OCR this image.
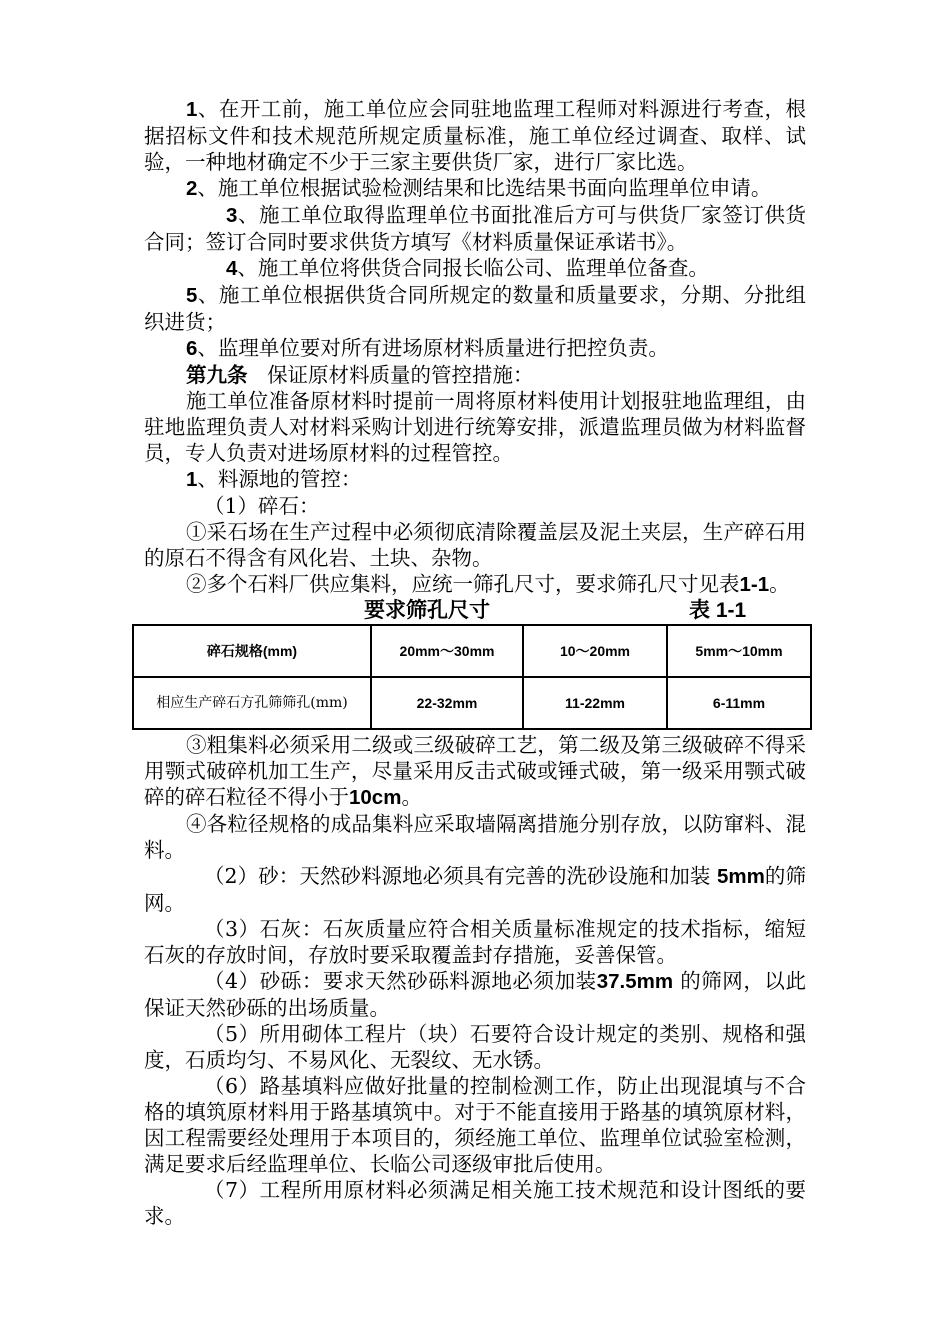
1、在开工前，施工单位应会同驻地监理工程师对料源进行考查，根据招标文件和技术规范所规定质量标准，施工单位经过调查、取样、试验，一种地材确定不少于三家主要供货厂家，进行厂家比选。

2、施工单位根据试验检测结果和比选结果书面向监理单位申请。

3、施工单位取得监理单位书面批准后方可与供货厂家签订供货合同；签订合同时要求供货方填写《材料质量保证承诺书》。

4、施工单位将供货合同报长临公司、监理单位备查。

5、施工单位根据供货合同所规定的数量和质量要求，分期、分批组织进货；

6、监理单位要对所有进场原材料质量进行把控负责。

第九条 保证原材料质量的管控措施：

施工单位准备原材料时提前一周将原材料使用计划报驻地监理组，由驻地监理负责人对材料采购计划进行统筹安排，派遣监理员做为材料监督员，专人负责对进场原材料的过程管控。

1、料源地的管控：

（1）碎石：

①采石场在生产过程中必须彻底清除覆盖层及泥土夹层，生产碎石用的原石不得含有风化岩、土块、杂物。

②多个石料厂供应集料，应统一筛孔尺寸，要求筛孔尺寸见表1-1。

要求筛孔尺寸	表 1-1
碎石规格(mm)	20mm～30mm	10～20mm	5mm～10mm
相应生产碎石方孔筛筛孔(mm)	22-32mm	11-22mm	6-11mm

③粗集料必须采用二级或三级破碎工艺，第二级及第三级破碎不得采用颚式破碎机加工生产，尽量采用反击式破或锤式破，第一级采用颚式破碎的碎石粒径不得小于10cm。

④各粒径规格的成品集料应采取墙隔离措施分别存放，以防窜料、混料。

（2）砂：天然砂料源地必须具有完善的洗砂设施和加装 5mm的筛网。

（3）石灰：石灰质量应符合相关质量标准规定的技术指标，缩短石灰的存放时间，存放时要采取覆盖封存措施，妥善保管。

（4）砂砾：要求天然砂砾料源地必须加装37.5mm 的筛网，以此保证天然砂砾的出场质量。

（5）所用砌体工程片（块）石要符合设计规定的类别、规格和强度，石质均匀、不易风化、无裂纹、无水锈。

（6）路基填料应做好批量的控制检测工作，防止出现混填与不合格的填筑原材料用于路基填筑中。对于不能直接用于路基的填筑原材料，因工程需要经处理用于本项目的，须经施工单位、监理单位试验室检测，满足要求后经监理单位、长临公司逐级审批后使用。

（7）工程所用原材料必须满足相关施工技术规范和设计图纸的要求。
